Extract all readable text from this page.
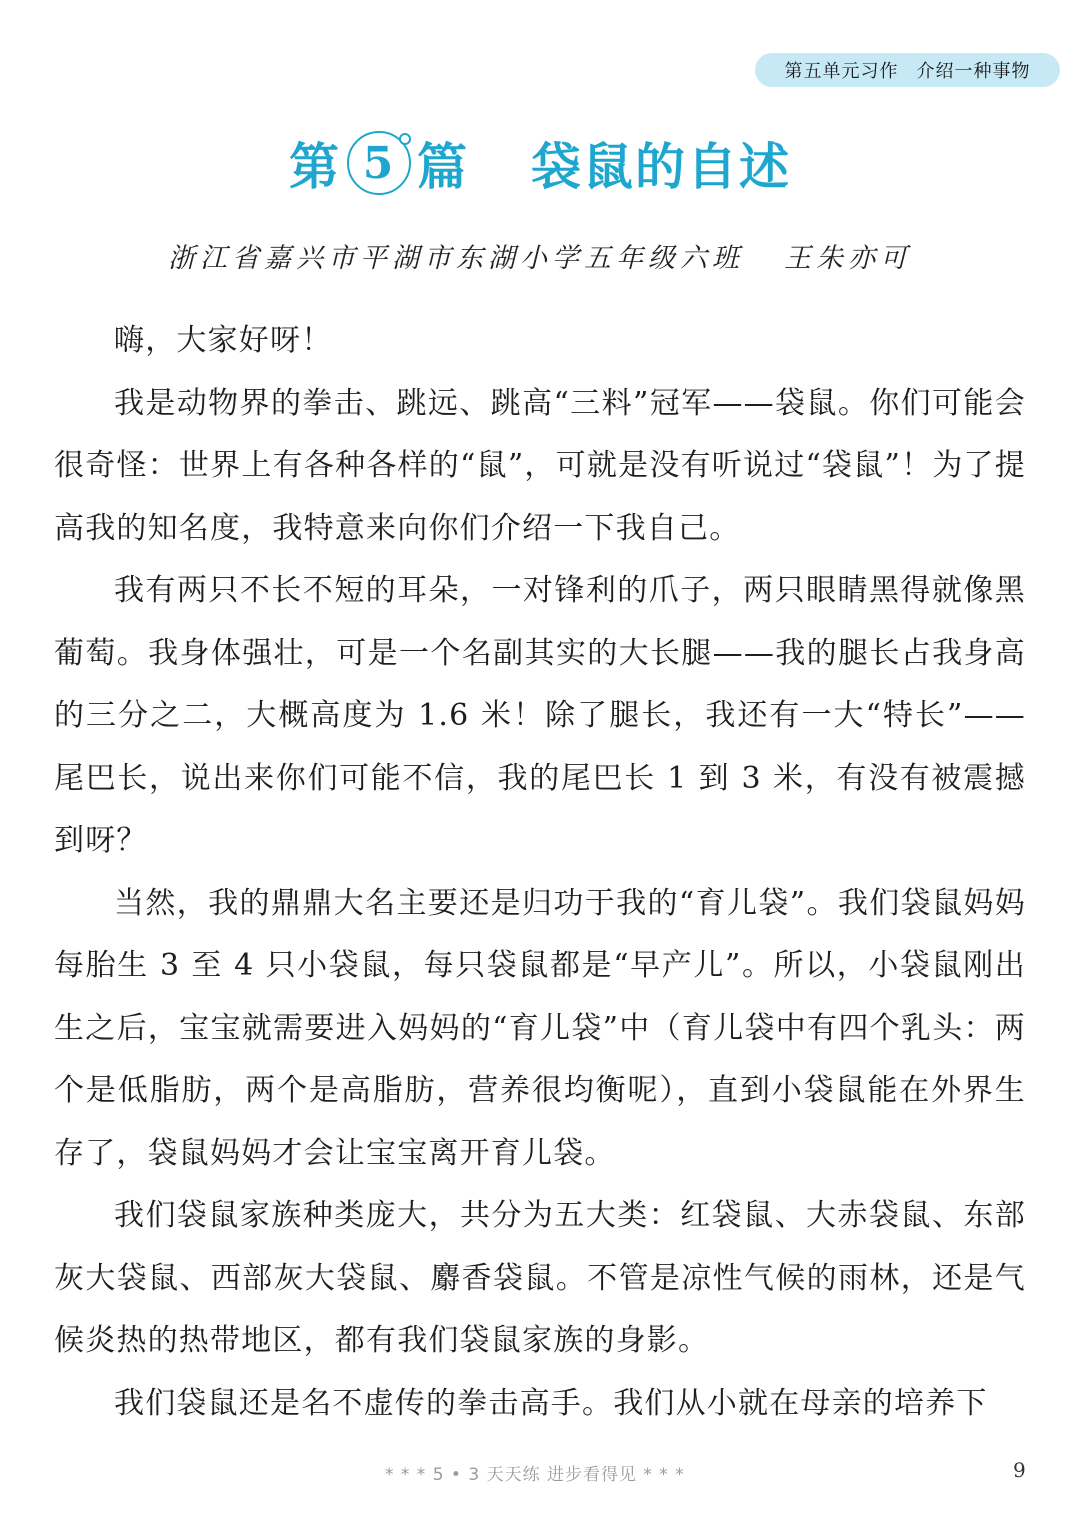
第五单元习作 介绍一种事物
第 5 篇 袋鼠的自述
浙江省嘉兴市平湖市东湖小学五年级六班 王朱亦可

嗨，大家好呀！

我是动物界的拳击、跳远、跳高“三料”冠军——袋鼠。你们可能会很奇怪：世界上有各种各样的“鼠”，可就是没有听说过“袋鼠”！为了提高我的知名度，我特意来向你们介绍一下我自己。

我有两只不长不短的耳朵，一对锋利的爪子，两只眼睛黑得就像黑葡萄。我身体强壮，可是一个名副其实的大长腿——我的腿长占我身高的三分之二，大概高度为 1.6 米！除了腿长，我还有一大“特长”——尾巴长，说出来你们可能不信，我的尾巴长 1 到 3 米，有没有被震撼到呀？

当然，我的鼎鼎大名主要还是归功于我的“育儿袋”。我们袋鼠妈妈每胎生 3 至 4 只小袋鼠，每只袋鼠都是“早产儿”。所以，小袋鼠刚出生之后，宝宝就需要进入妈妈的“育儿袋”中（育儿袋中有四个乳头：两个是低脂肪，两个是高脂肪，营养很均衡呢），直到小袋鼠能在外界生存了，袋鼠妈妈才会让宝宝离开育儿袋。

我们袋鼠家族种类庞大，共分为五大类：红袋鼠、大赤袋鼠、东部灰大袋鼠、西部灰大袋鼠、麝香袋鼠。不管是凉性气候的雨林，还是气候炎热的热带地区，都有我们袋鼠家族的身影。

我们袋鼠还是名不虚传的拳击高手。我们从小就在母亲的培养下

* * * 5 • 3 天天练 进步看得见 * * *	9
